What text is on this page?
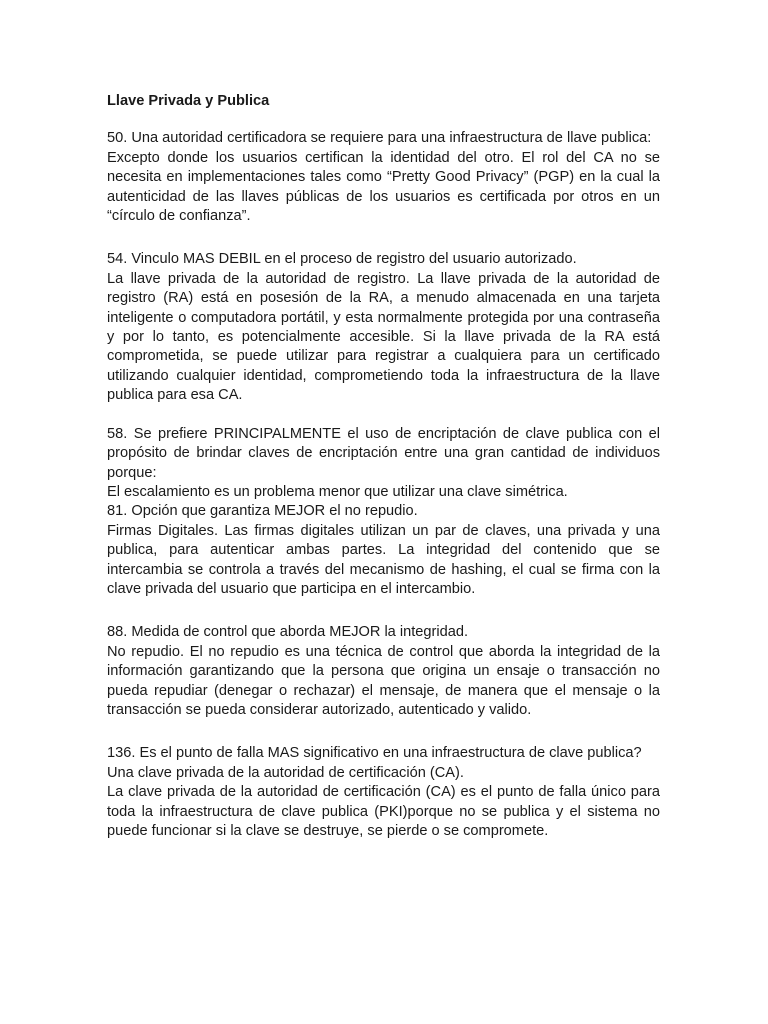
Llave Privada y Publica

50. Una autoridad certificadora se requiere para una infraestructura de llave publica:

Excepto donde los usuarios certifican la identidad del otro. El rol del CA no se necesita en implementaciones tales como “Pretty Good Privacy” (PGP) en la cual la autenticidad de las llaves públicas de los usuarios es certificada por otros en un “círculo de confianza”.

54. Vinculo MAS DEBIL en el proceso de registro del usuario autorizado.

La llave privada de la autoridad de registro. La llave privada de la autoridad de registro (RA) está en posesión de la RA, a menudo almacenada en una tarjeta inteligente o computadora portátil, y esta normalmente protegida por una contraseña y por lo tanto, es potencialmente accesible. Si la llave privada de la RA está comprometida, se puede utilizar para registrar a cualquiera para un certificado utilizando cualquier identidad, comprometiendo toda la infraestructura de la llave publica para esa CA.

58. Se prefiere PRINCIPALMENTE el uso de encriptación de clave publica con el propósito de brindar claves de encriptación entre una gran cantidad de individuos porque:

El escalamiento es un problema menor que utilizar una clave simétrica.

81. Opción que garantiza MEJOR el no repudio.

Firmas Digitales. Las firmas digitales utilizan un par de claves, una privada y una publica, para autenticar ambas partes. La integridad del contenido que se intercambia se controla a través del mecanismo de hashing, el cual se firma con la clave privada del usuario que participa en el intercambio.

88. Medida de control que aborda MEJOR la integridad.

No repudio. El no repudio es una técnica de control que aborda la integridad de la información garantizando que la persona que origina un ensaje o transacción no pueda repudiar (denegar o rechazar) el mensaje, de manera que el mensaje o la transacción se pueda considerar autorizado, autenticado y valido.

136. Es el punto de falla MAS significativo en una infraestructura de clave publica?

Una clave privada de la autoridad de certificación (CA).

La clave privada de la autoridad de certificación (CA) es el punto de falla único para toda la infraestructura de clave publica (PKI)porque no se publica y el sistema no puede funcionar si la clave se destruye, se pierde o se compromete.
